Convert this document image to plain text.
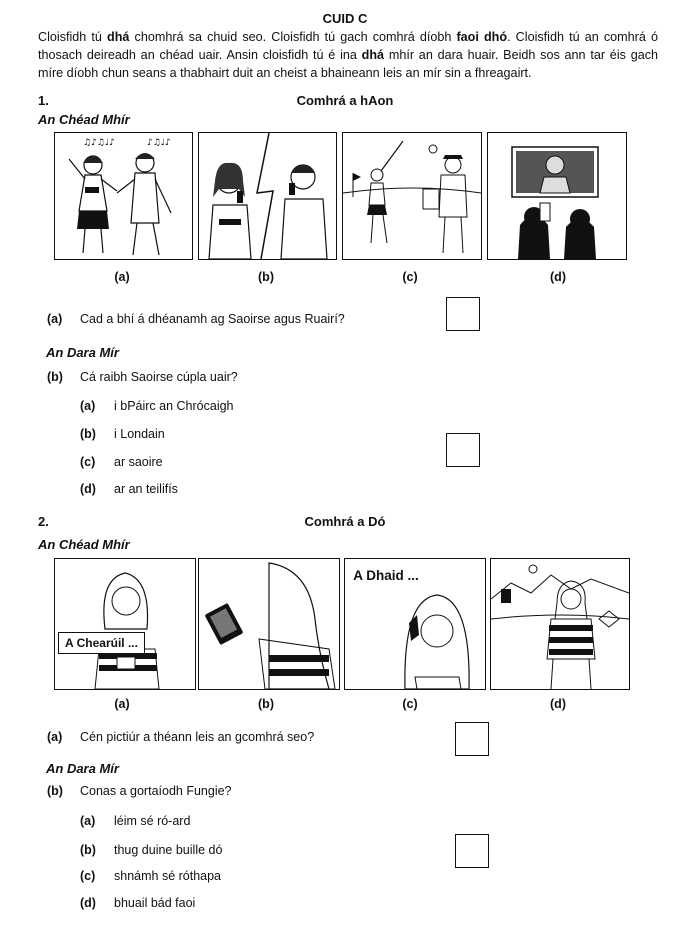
CUID C
Cloisfidh tú dhá chomhrá sa chuid seo. Cloisfidh tú gach comhrá díobh faoi dhó. Cloisfidh tú an comhrá ó thosach deireadh an chéad uair. Ansin cloisfidh tú é ina dhá mhír an dara huair. Beidh sos ann tar éis gach míre díobh chun seans a thabhairt duit an cheist a bhaineann leis an mír sin a fhreagairt.
1.	Comhrá a hAon
An Chéad Mhír
♫♪♫♩♪	♪♫♩♪
(a)	(b)	(c)	(d)
(a) Cad a bhí á dhéanamh ag Saoirse agus Ruairí?
An Dara Mír
(b) Cá raibh Saoirse cúpla uair?
(a) i bPáirc an Chrócaigh
(b) i Londain
(c) ar saoire
(d) ar an teilifís
2.	Comhrá a Dó
An Chéad Mhír
A Chearúil ...
A Dhaid ...
(a)	(b)	(c)	(d)
(a) Cén pictiúr a théann leis an gcomhrá seo?
An Dara Mír
(b) Conas a gortaíodh Fungie?
(a) léim sé ró-ard
(b) thug duine buille dó
(c) shnámh sé róthapa
(d) bhuail bád faoi
